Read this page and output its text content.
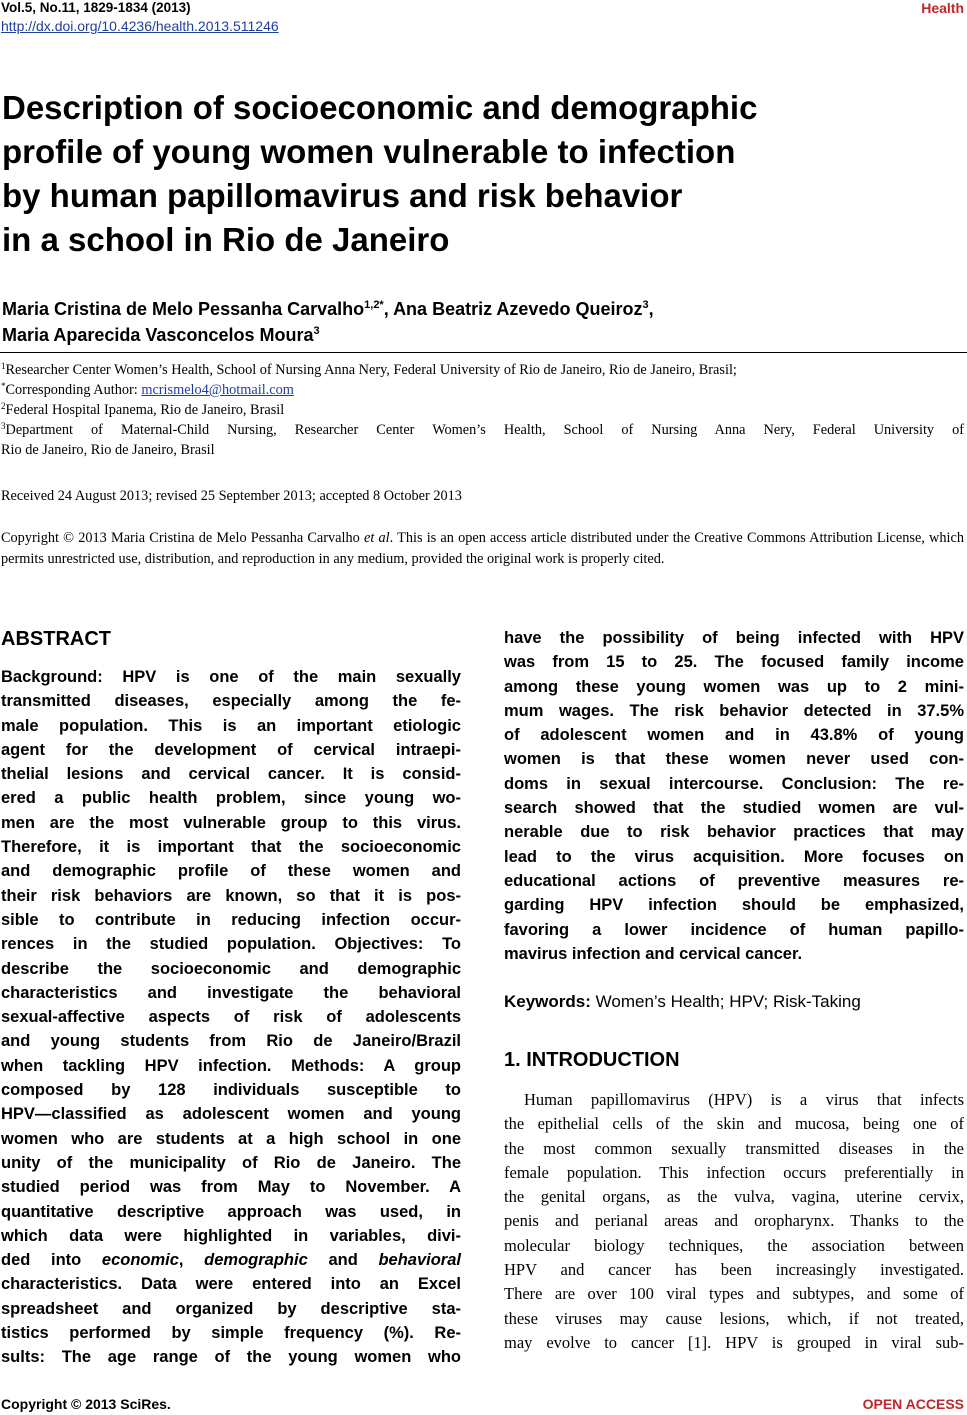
Vol.5, No.11, 1829-1834 (2013)
http://dx.doi.org/10.4236/health.2013.511246
Health
Description of socioeconomic and demographic
profile of young women vulnerable to infection
by human papillomavirus and risk behavior
in a school in Rio de Janeiro
Maria Cristina de Melo Pessanha Carvalho$^{1,2*}$, Ana Beatriz Azevedo Queiroz$^3$,
Maria Aparecida Vasconcelos Moura$^3$
$^1$Researcher Center Women’s Health, School of Nursing Anna Nery, Federal University of Rio de Janeiro, Rio de Janeiro, Brasil;
*Corresponding Author: mcrismelo4@hotmail.com
$^2$Federal Hospital Ipanema, Rio de Janeiro, Brasil
$^3$Department of Maternal-Child Nursing, Researcher Center Women’s Health, School of Nursing Anna Nery, Federal University of
Rio de Janeiro, Rio de Janeiro, Brasil
Received 24 August 2013; revised 25 September 2013; accepted 8 October 2013
Copyright © 2013 Maria Cristina de Melo Pessanha Carvalho et al. This is an open access article distributed under the Creative Commons Attribution License, which permits unrestricted use, distribution, and reproduction in any medium, provided the original work is properly cited.
ABSTRACT
Background: HPV is one of the main sexually
transmitted diseases, especially among the fe-
male population. This is an important etiologic
agent for the development of cervical intraepi-
thelial lesions and cervical cancer. It is consid-
ered a public health problem, since young wo-
men are the most vulnerable group to this virus.
Therefore, it is important that the socioeconomic
and demographic profile of these women and
their risk behaviors are known, so that it is pos-
sible to contribute in reducing infection occur-
rences in the studied population. Objectives: To
describe the socioeconomic and demographic
characteristics and investigate the behavioral
sexual-affective aspects of risk of adolescents
and young students from Rio de Janeiro/Brazil
when tackling HPV infection. Methods: A group
composed by 128 individuals susceptible to
HPV—classified as adolescent women and young
women who are students at a high school in one
unity of the municipality of Rio de Janeiro. The
studied period was from May to November. A
quantitative descriptive approach was used, in
which data were highlighted in variables, divi-
ded into economic, demographic and behavioral
characteristics. Data were entered into an Excel
spreadsheet and organized by descriptive sta-
tistics performed by simple frequency (%). Re-
sults: The age range of the young women who
have the possibility of being infected with HPV
was from 15 to 25. The focused family income
among these young women was up to 2 mini-
mum wages. The risk behavior detected in 37.5%
of adolescent women and in 43.8% of young
women is that these women never used con-
doms in sexual intercourse. Conclusion: The re-
search showed that the studied women are vul-
nerable due to risk behavior practices that may
lead to the virus acquisition. More focuses on
educational actions of preventive measures re-
garding HPV infection should be emphasized,
favoring a lower incidence of human papillo-
mavirus infection and cervical cancer.
Keywords: Women’s Health; HPV; Risk-Taking
1. INTRODUCTION
Human papillomavirus (HPV) is a virus that infects
the epithelial cells of the skin and mucosa, being one of
the most common sexually transmitted diseases in the
female population. This infection occurs preferentially in
the genital organs, as the vulva, vagina, uterine cervix,
penis and perianal areas and oropharynx. Thanks to the
molecular biology techniques, the association between
HPV and cancer has been increasingly investigated.
There are over 100 viral types and subtypes, and some of
these viruses may cause lesions, which, if not treated,
may evolve to cancer [1]. HPV is grouped in viral sub-
Copyright © 2013 SciRes.	OPEN ACCESS
